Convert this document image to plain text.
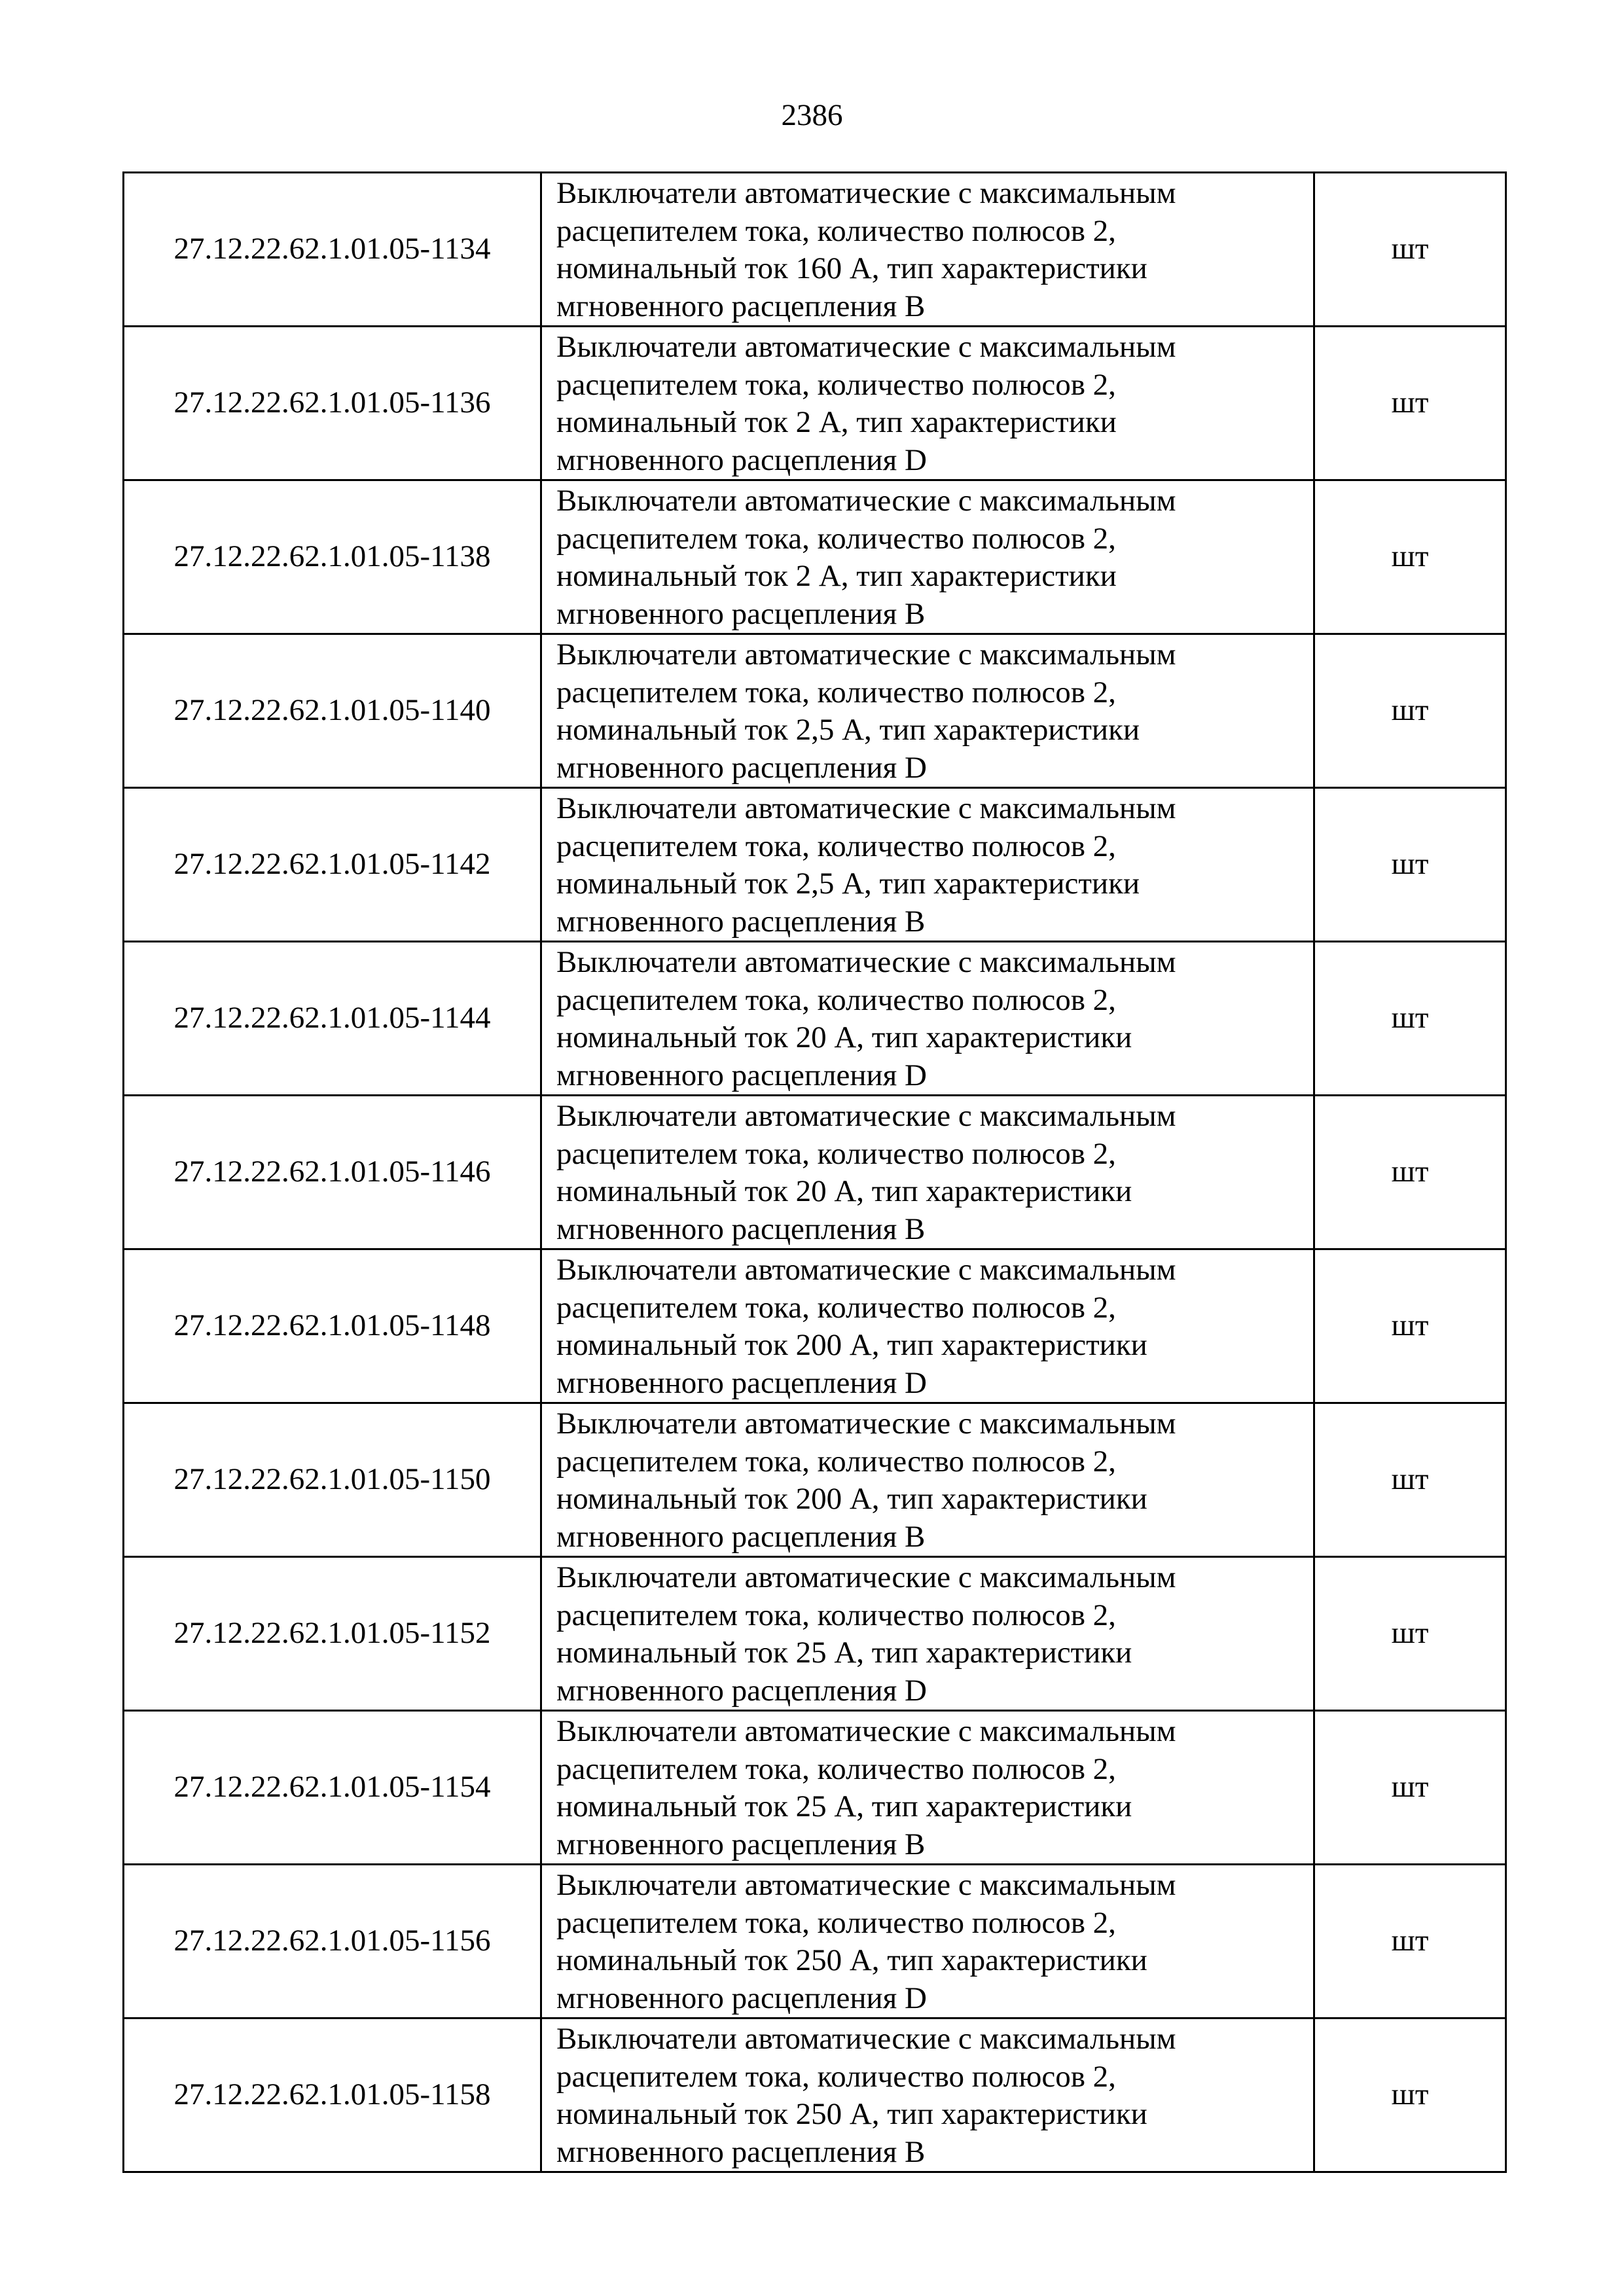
2386
27.12.22.62.1.01.05-1134	Выключатели автоматические с максимальным
расцепителем тока, количество полюсов 2,
номинальный ток 160 А, тип характеристики
мгновенного расцепления B	шт
27.12.22.62.1.01.05-1136	Выключатели автоматические с максимальным
расцепителем тока, количество полюсов 2,
номинальный ток 2 А, тип характеристики
мгновенного расцепления D	шт
27.12.22.62.1.01.05-1138	Выключатели автоматические с максимальным
расцепителем тока, количество полюсов 2,
номинальный ток 2 А, тип характеристики
мгновенного расцепления B	шт
27.12.22.62.1.01.05-1140	Выключатели автоматические с максимальным
расцепителем тока, количество полюсов 2,
номинальный ток 2,5 А, тип характеристики
мгновенного расцепления D	шт
27.12.22.62.1.01.05-1142	Выключатели автоматические с максимальным
расцепителем тока, количество полюсов 2,
номинальный ток 2,5 А, тип характеристики
мгновенного расцепления B	шт
27.12.22.62.1.01.05-1144	Выключатели автоматические с максимальным
расцепителем тока, количество полюсов 2,
номинальный ток 20 А, тип характеристики
мгновенного расцепления D	шт
27.12.22.62.1.01.05-1146	Выключатели автоматические с максимальным
расцепителем тока, количество полюсов 2,
номинальный ток 20 А, тип характеристики
мгновенного расцепления B	шт
27.12.22.62.1.01.05-1148	Выключатели автоматические с максимальным
расцепителем тока, количество полюсов 2,
номинальный ток 200 А, тип характеристики
мгновенного расцепления D	шт
27.12.22.62.1.01.05-1150	Выключатели автоматические с максимальным
расцепителем тока, количество полюсов 2,
номинальный ток 200 А, тип характеристики
мгновенного расцепления B	шт
27.12.22.62.1.01.05-1152	Выключатели автоматические с максимальным
расцепителем тока, количество полюсов 2,
номинальный ток 25 А, тип характеристики
мгновенного расцепления D	шт
27.12.22.62.1.01.05-1154	Выключатели автоматические с максимальным
расцепителем тока, количество полюсов 2,
номинальный ток 25 А, тип характеристики
мгновенного расцепления B	шт
27.12.22.62.1.01.05-1156	Выключатели автоматические с максимальным
расцепителем тока, количество полюсов 2,
номинальный ток 250 А, тип характеристики
мгновенного расцепления D	шт
27.12.22.62.1.01.05-1158	Выключатели автоматические с максимальным
расцепителем тока, количество полюсов 2,
номинальный ток 250 А, тип характеристики
мгновенного расцепления B	шт
